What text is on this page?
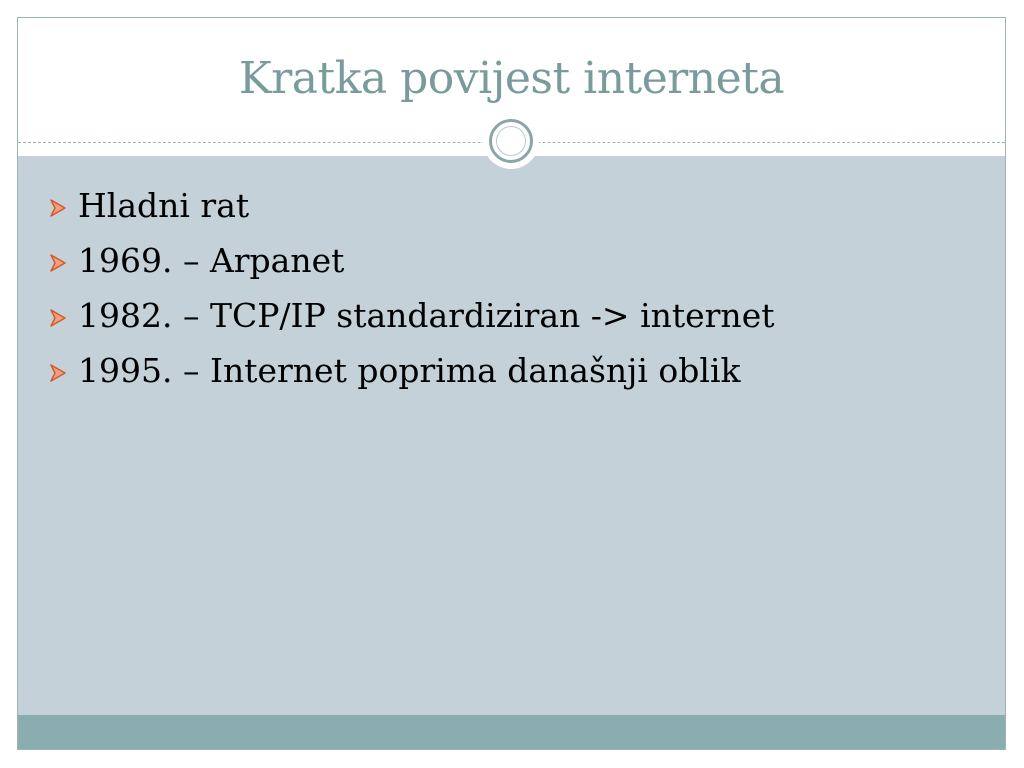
Kratka povijest interneta
Hladni rat
1969. – Arpanet
1982. – TCP/IP standardiziran -> internet
1995. – Internet poprima današnji oblik
